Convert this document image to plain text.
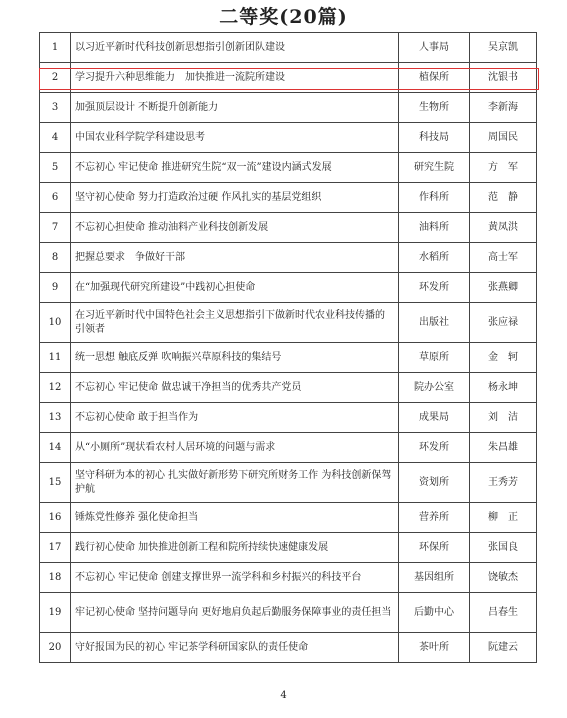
二等奖(20篇)
1	以习近平新时代科技创新思想指引创新团队建设	人事局	吴京凯
2	学习提升六种思维能力　加快推进一流院所建设	植保所	沈银书
3	加强顶层设计 不断提升创新能力	生物所	李新海
4	中国农业科学院学科建设思考	科技局	周国民
5	不忘初心 牢记使命 推进研究生院“双一流”建设内涵式发展	研究生院	方　军
6	坚守初心使命 努力打造政治过硬 作风扎实的基层党组织	作科所	范　静
7	不忘初心担使命 推动油料产业科技创新发展	油料所	黄凤洪
8	把握总要求　争做好干部	水稻所	高士军
9	在“加强现代研究所建设”中践初心担使命	环发所	张燕卿
10	在习近平新时代中国特色社会主义思想指引下做新时代农业科技传播的引领者	出版社	张应禄
11	统一思想 触底反弹 吹响振兴草原科技的集结号	草原所	金　轲
12	不忘初心 牢记使命 做忠诚干净担当的优秀共产党员	院办公室	杨永坤
13	不忘初心使命 敢于担当作为	成果局	刘　洁
14	从“小厕所”现状看农村人居环境的问题与需求	环发所	朱昌雄
15	坚守科研为本的初心 扎实做好新形势下研究所财务工作 为科技创新保驾护航	资划所	王秀芳
16	锤炼党性修养 强化使命担当	营养所	柳　正
17	践行初心使命 加快推进创新工程和院所持续快速健康发展	环保所	张国良
18	不忘初心 牢记使命 创建支撑世界一流学科和乡村振兴的科技平台	基因组所	饶敏杰
19	牢记初心使命 坚持问题导向 更好地肩负起后勤服务保障事业的责任担当	后勤中心	吕春生
20	守好报国为民的初心 牢记茶学科研国家队的责任使命	茶叶所	阮建云
4
